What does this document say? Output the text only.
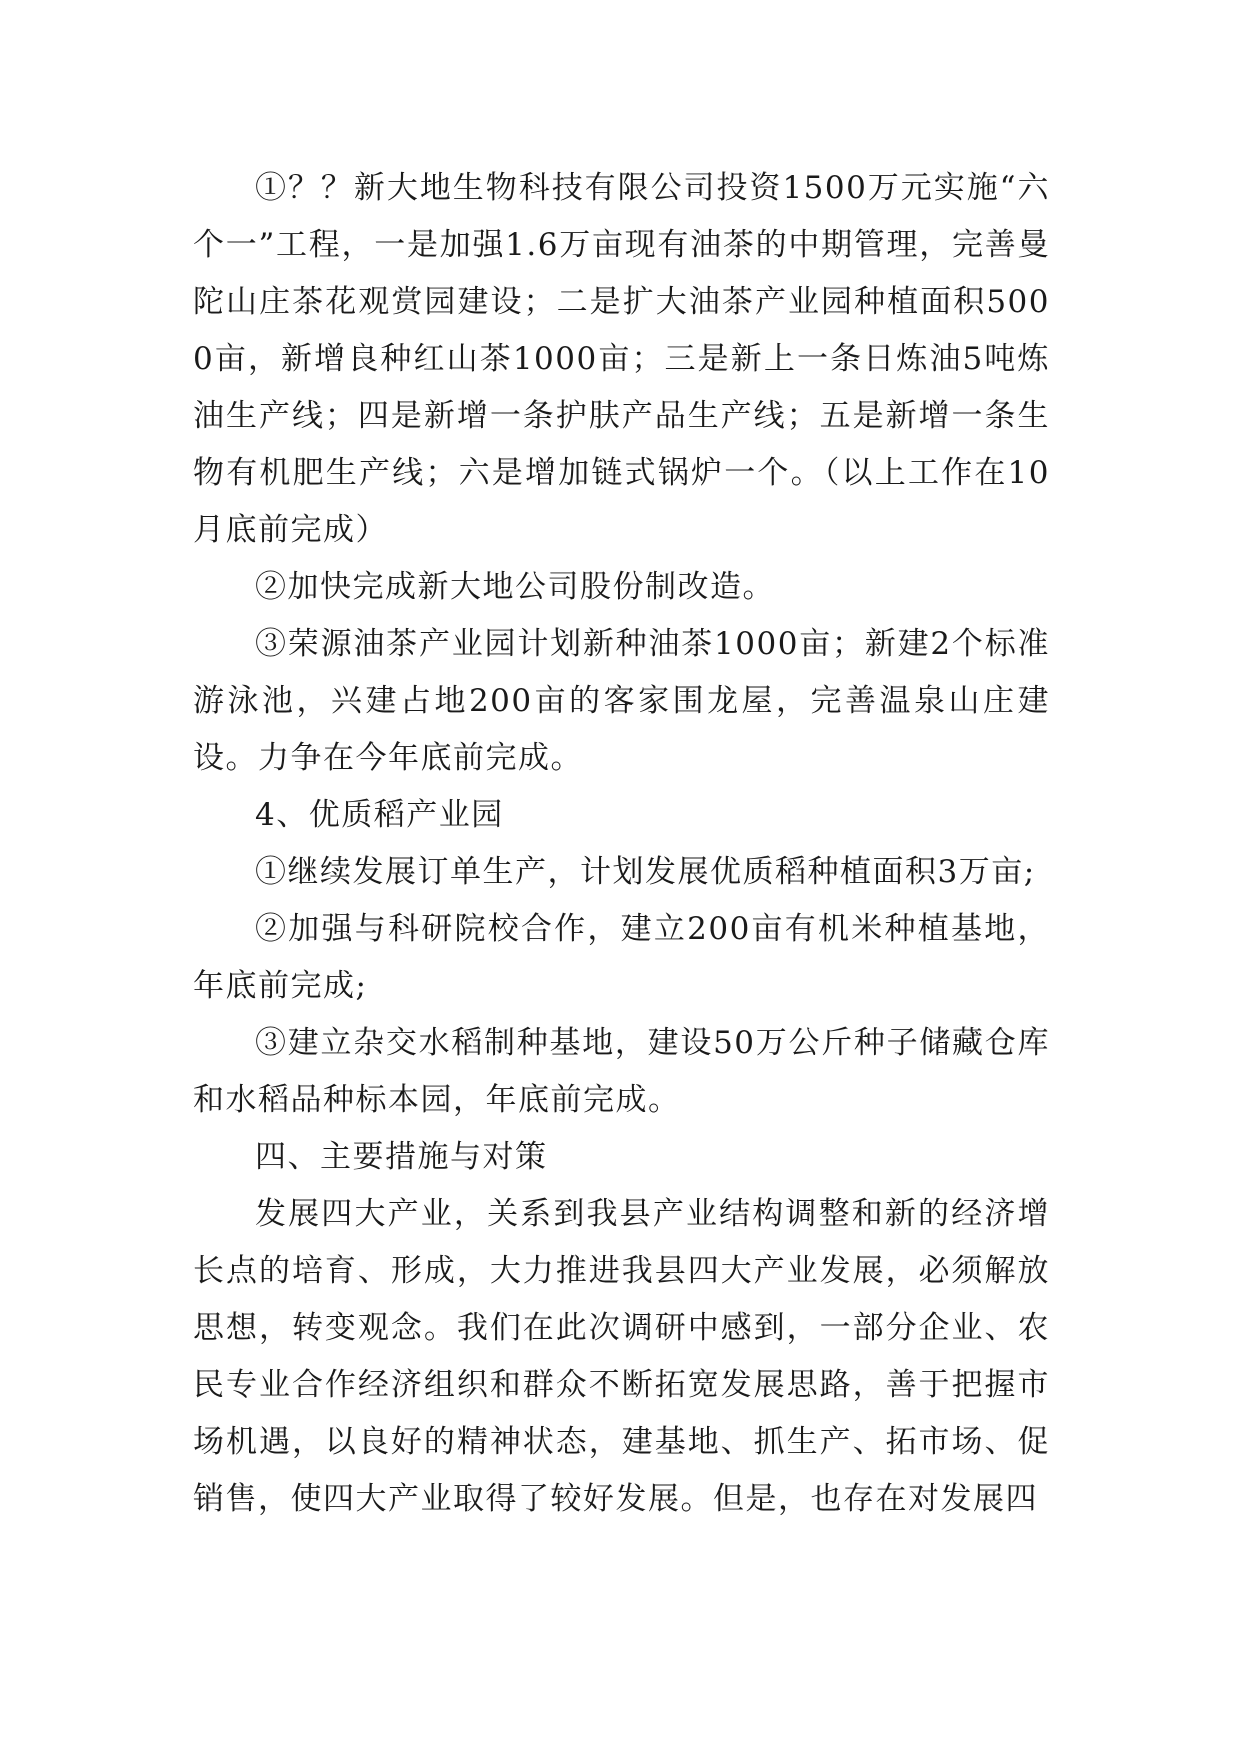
①？？新大地生物科技有限公司投资1500万元实施“六个一”工程，一是加强1.6万亩现有油茶的中期管理，完善曼陀山庄茶花观赏园建设；二是扩大油茶产业园种植面积5000亩，新增良种红山茶1000亩；三是新上一条日炼油5吨炼油生产线；四是新增一条护肤产品生产线；五是新增一条生物有机肥生产线；六是增加链式锅炉一个。（以上工作在10月底前完成）

②加快完成新大地公司股份制改造。

③荣源油茶产业园计划新种油茶1000亩；新建2个标准游泳池，兴建占地200亩的客家围龙屋，完善温泉山庄建设。力争在今年底前完成。

4、优质稻产业园

①继续发展订单生产，计划发展优质稻种植面积3万亩;

②加强与科研院校合作，建立200亩有机米种植基地，年底前完成;

③建立杂交水稻制种基地，建设50万公斤种子储藏仓库和水稻品种标本园，年底前完成。

四、主要措施与对策

发展四大产业，关系到我县产业结构调整和新的经济增长点的培育、形成，大力推进我县四大产业发展，必须解放思想，转变观念。我们在此次调研中感到，一部分企业、农民专业合作经济组织和群众不断拓宽发展思路，善于把握市场机遇，以良好的精神状态，建基地、抓生产、拓市场、促销售，使四大产业取得了较好发展。但是，也存在对发展四
